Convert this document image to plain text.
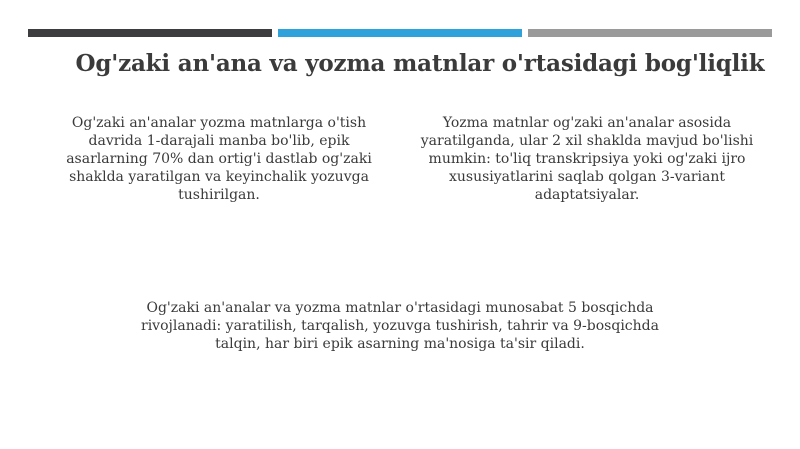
Og'zaki an'ana va yozma matnlar o'rtasidagi bog'liqlik
Og'zaki an'analar yozma matnlarga o'tish davrida 1-darajali manba bo'lib, epik asarlarning 70% dan ortig'i dastlab og'zaki shaklda yaratilgan va keyinchalik yozuvga tushirilgan.
Yozma matnlar og'zaki an'analar asosida yaratilganda, ular 2 xil shaklda mavjud bo'lishi mumkin: to'liq transkripsiya yoki og'zaki ijro xususiyatlarini saqlab qolgan 3-variant adaptatsiyalar.
Og'zaki an'analar va yozma matnlar o'rtasidagi munosabat 5 bosqichda rivojlanadi: yaratilish, tarqalish, yozuvga tushirish, tahrir va 9-bosqichda talqin, har biri epik asarning ma'nosiga ta'sir qiladi.
